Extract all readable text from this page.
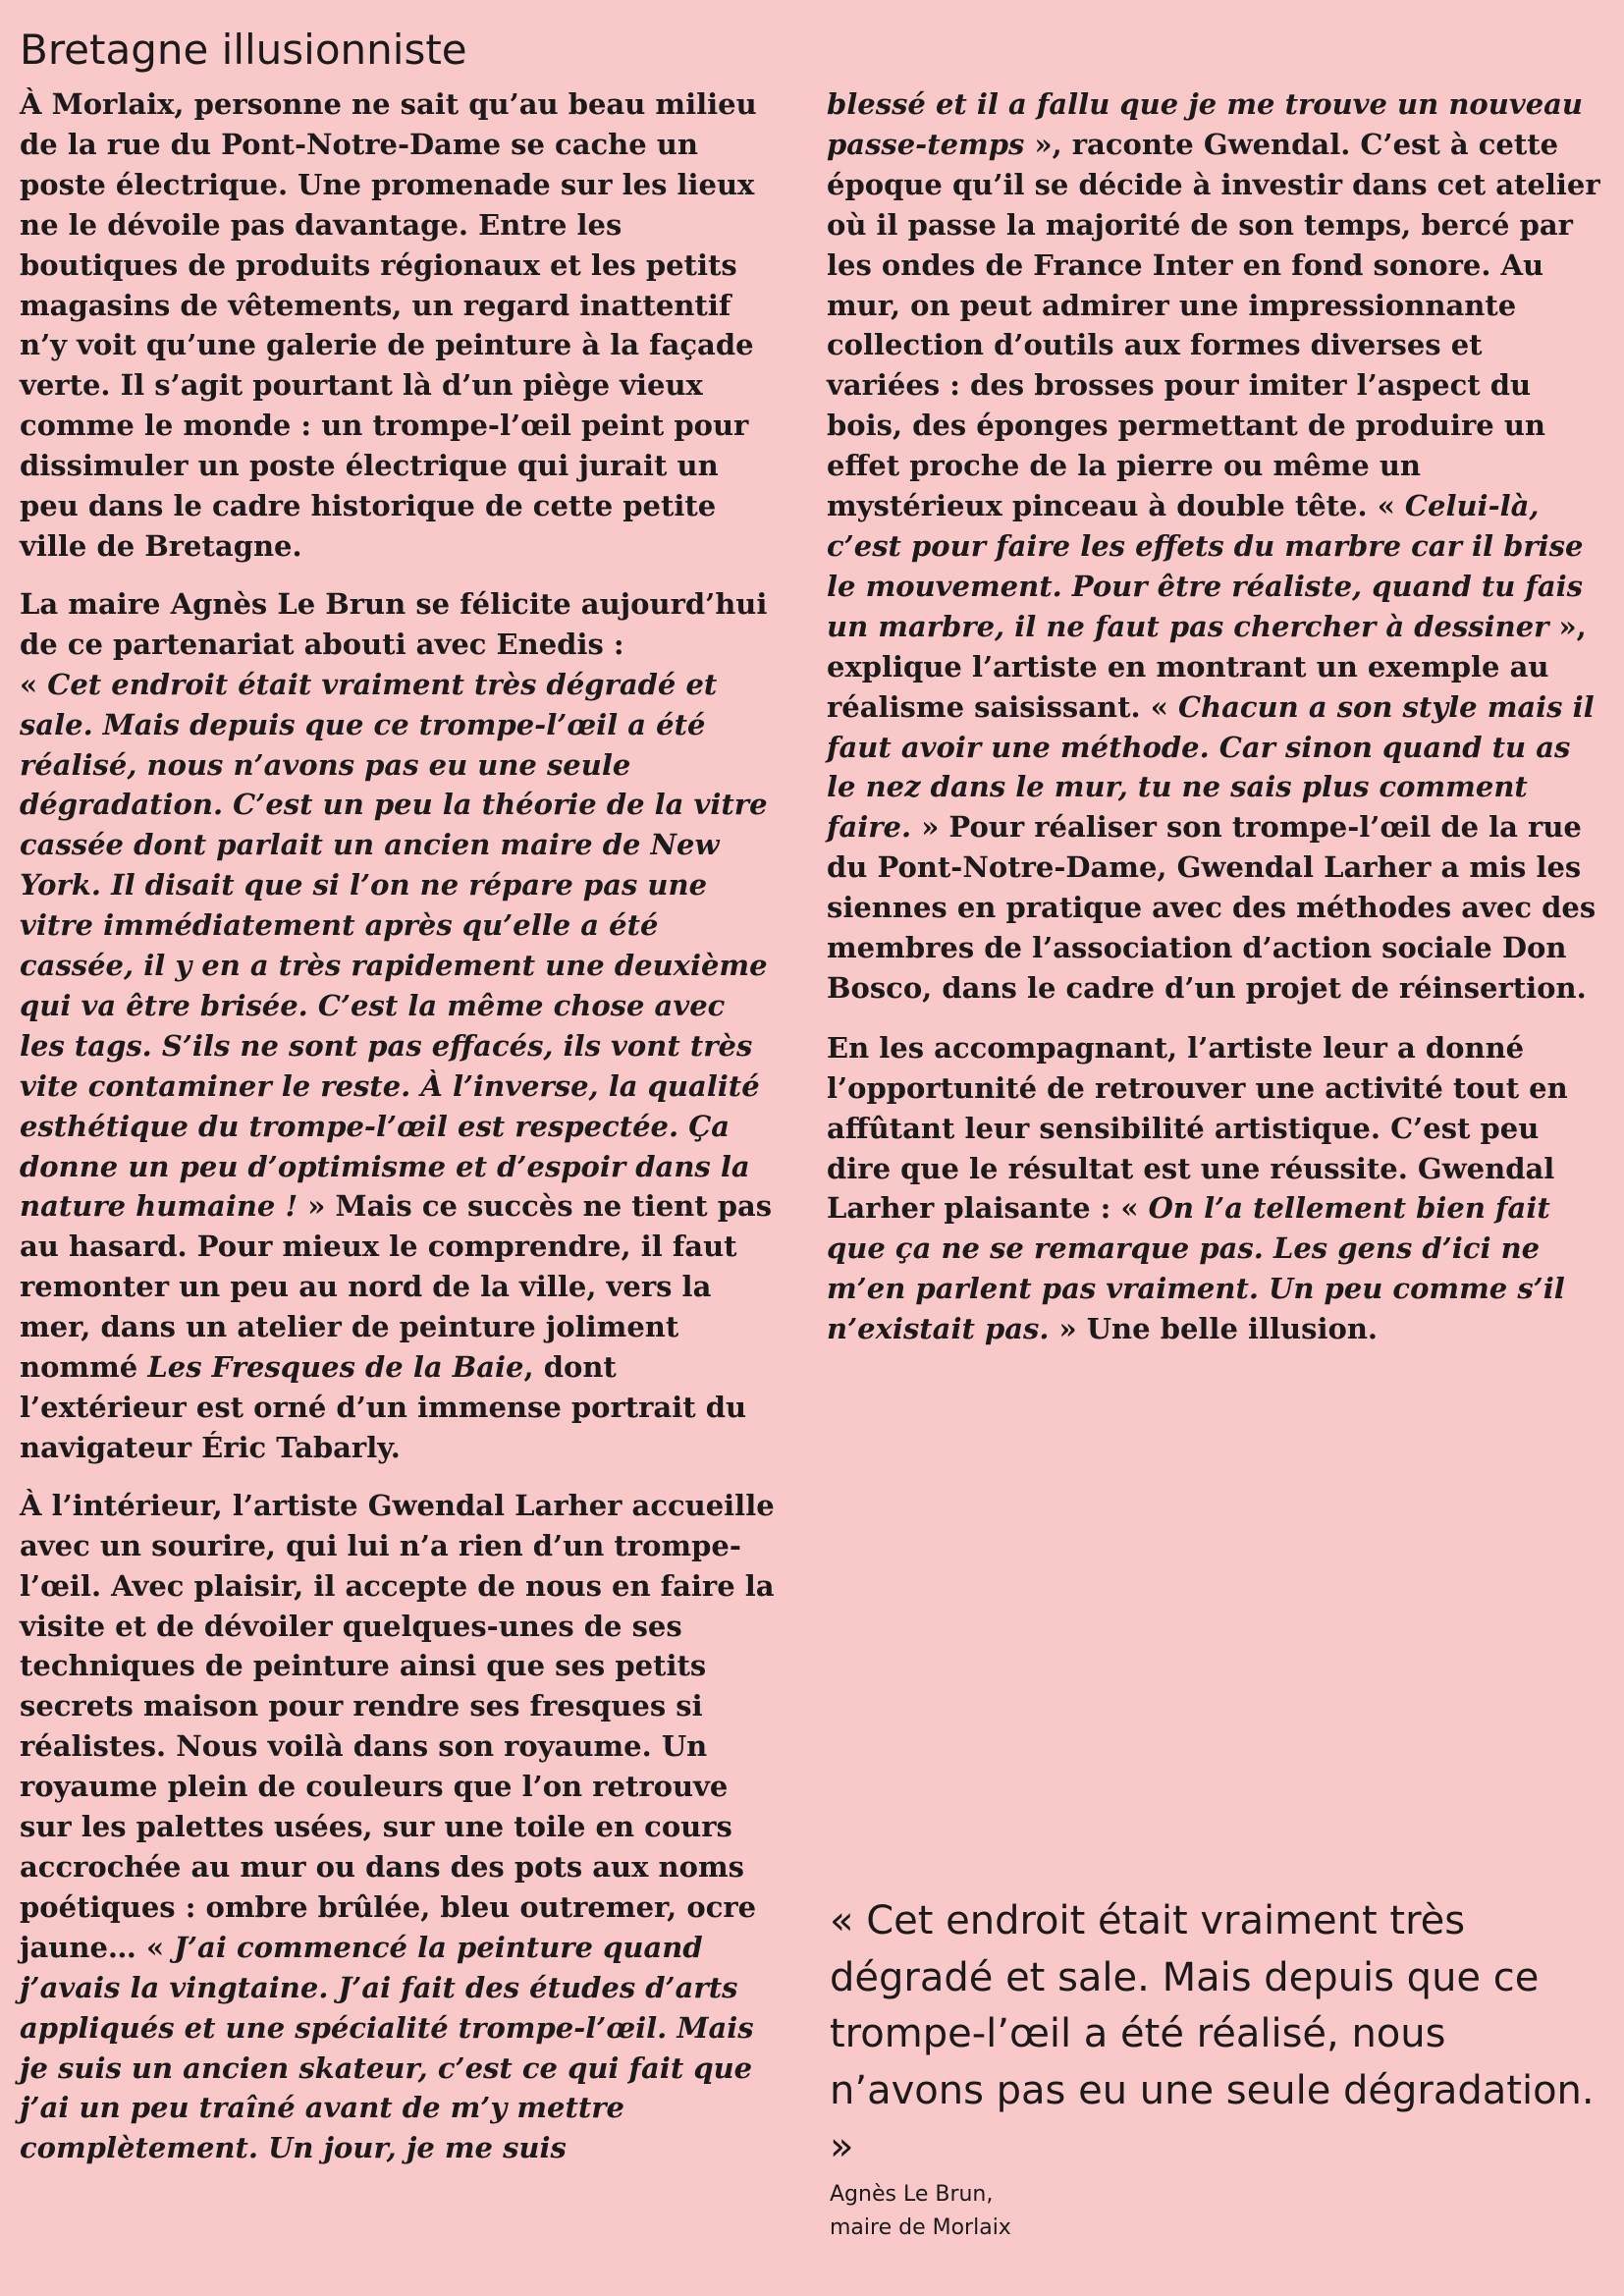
Bretagne illusionniste

À Morlaix, personne ne sait qu’au beau milieu de la rue du Pont-Notre-Dame se cache un poste électrique. Une promenade sur les lieux ne le dévoile pas davantage. Entre les boutiques de produits régionaux et les petits magasins de vêtements, un regard inattentif n’y voit qu’une galerie de peinture à la façade verte. Il s’agit pourtant là d’un piège vieux comme le monde : un trompe-l’œil peint pour dissimuler un poste électrique qui jurait un peu dans le cadre historique de cette petite ville de Bretagne.

La maire Agnès Le Brun se félicite aujourd’hui de ce partenariat abouti avec Enedis :
« Cet endroit était vraiment très dégradé et sale. Mais depuis que ce trompe-l’œil a été réalisé, nous n’avons pas eu une seule dégradation. C’est un peu la théorie de la vitre cassée dont parlait un ancien maire de New York. Il disait que si l’on ne répare pas une vitre immédiatement après qu’elle a été cassée, il y en a très rapidement une deuxième qui va être brisée. C’est la même chose avec les tags. S’ils ne sont pas effacés, ils vont très vite contaminer le reste. À l’inverse, la qualité esthétique du trompe-l’œil est respectée. Ça donne un peu d’optimisme et d’espoir dans la nature humaine ! » Mais ce succès ne tient pas au hasard. Pour mieux le comprendre, il faut remonter un peu au nord de la ville, vers la mer, dans un atelier de peinture joliment nommé Les Fresques de la Baie, dont l’extérieur est orné d’un immense portrait du navigateur Éric Tabarly.

À l’intérieur, l’artiste Gwendal Larher accueille avec un sourire, qui lui n’a rien d’un trompe-l’œil. Avec plaisir, il accepte de nous en faire la visite et de dévoiler quelques-unes de ses techniques de peinture ainsi que ses petits secrets maison pour rendre ses fresques si réalistes. Nous voilà dans son royaume. Un royaume plein de couleurs que l’on retrouve sur les palettes usées, sur une toile en cours accrochée au mur ou dans des pots aux noms poétiques : ombre brûlée, bleu outremer, ocre jaune… « J’ai commencé la peinture quand j’avais la vingtaine. J’ai fait des études d’arts appliqués et une spécialité trompe-l’œil. Mais je suis un ancien skateur, c’est ce qui fait que j’ai un peu traîné avant de m’y mettre complètement. Un jour, je me suis

blessé et il a fallu que je me trouve un nouveau passe-temps », raconte Gwendal. C’est à cette époque qu’il se décide à investir dans cet atelier où il passe la majorité de son temps, bercé par les ondes de France Inter en fond sonore. Au mur, on peut admirer une impressionnante collection d’outils aux formes diverses et variées : des brosses pour imiter l’aspect du bois, des éponges permettant de produire un effet proche de la pierre ou même un mystérieux pinceau à double tête. « Celui-là, c’est pour faire les effets du marbre car il brise le mouvement. Pour être réaliste, quand tu fais un marbre, il ne faut pas chercher à dessiner », explique l’artiste en montrant un exemple au réalisme saisissant. « Chacun a son style mais il faut avoir une méthode. Car sinon quand tu as le nez dans le mur, tu ne sais plus comment faire. » Pour réaliser son trompe-l’œil de la rue du Pont-Notre-Dame, Gwendal Larher a mis les siennes en pratique avec des méthodes avec des membres de l’association d’action sociale Don Bosco, dans le cadre d’un projet de réinsertion.

En les accompagnant, l’artiste leur a donné l’opportunité de retrouver une activité tout en affûtant leur sensibilité artistique. C’est peu dire que le résultat est une réussite. Gwendal Larher plaisante : « On l’a tellement bien fait que ça ne se remarque pas. Les gens d’ici ne m’en parlent pas vraiment. Un peu comme s’il n’existait pas. » Une belle illusion.

« Cet endroit était vraiment très dégradé et sale. Mais depuis que ce trompe-l’œil a été réalisé, nous n’avons pas eu une seule dégradation. »

Agnès Le Brun,
maire de Morlaix
